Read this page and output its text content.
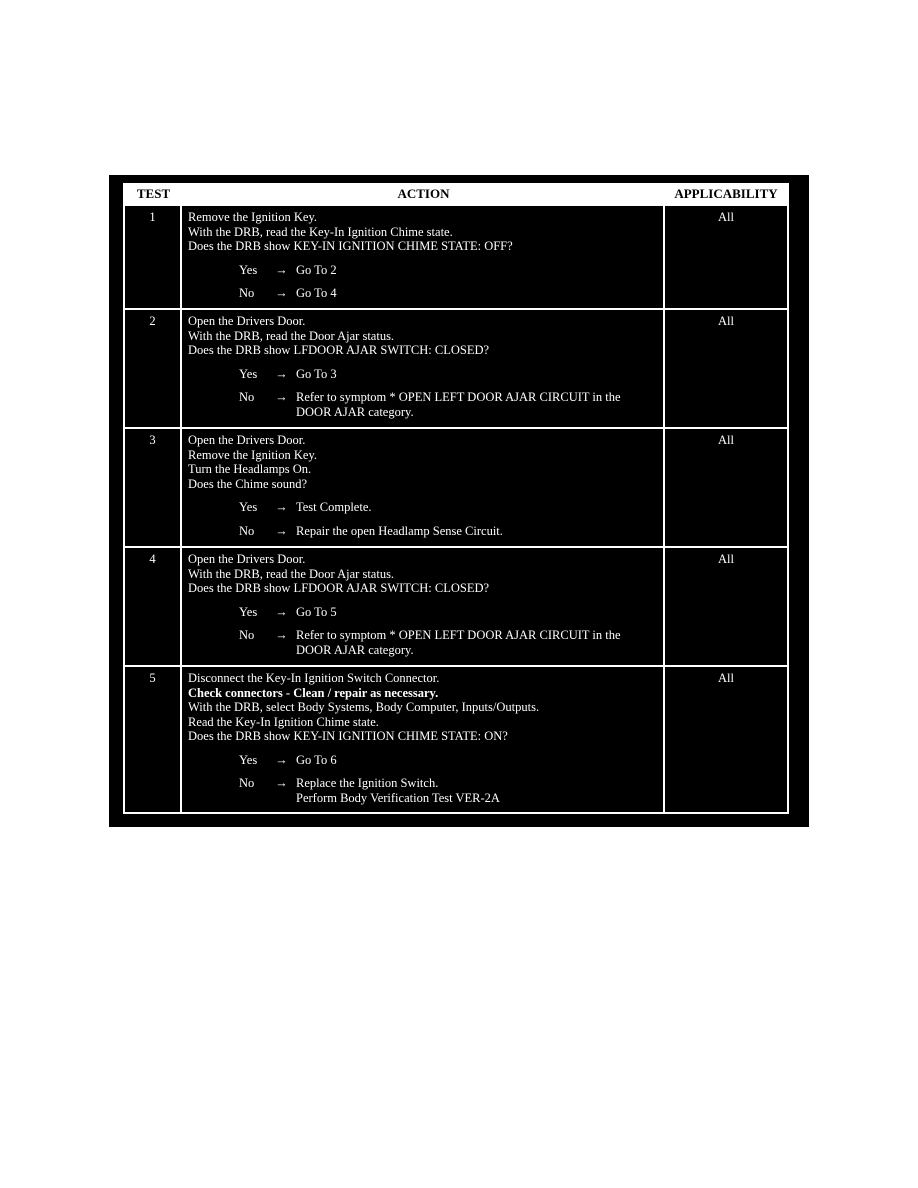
TEST	ACTION	APPLICABILITY
1	Remove the Ignition Key.
With the DRB, read the Key-In Ignition Chime state.
Does the DRB show KEY-IN IGNITION CHIME STATE: OFF?
Yes	→ Go To 2
No	→ Go To 4
All
2	Open the Drivers Door.
With the DRB, read the Door Ajar status.
Does the DRB show LFDOOR AJAR SWITCH: CLOSED?
Yes	→ Go To 3
No	→ Refer to symptom * OPEN LEFT DOOR AJAR CIRCUIT in the
DOOR AJAR category.
All
3	Open the Drivers Door.
Remove the Ignition Key.
Turn the Headlamps On.
Does the Chime sound?
Yes	→ Test Complete.
No	→ Repair the open Headlamp Sense Circuit.
All
4	Open the Drivers Door.
With the DRB, read the Door Ajar status.
Does the DRB show LFDOOR AJAR SWITCH: CLOSED?
Yes	→ Go To 5
No	→ Refer to symptom * OPEN LEFT DOOR AJAR CIRCUIT in the
DOOR AJAR category.
All
5	Disconnect the Key-In Ignition Switch Connector.
Check connectors - Clean / repair as necessary.
With the DRB, select Body Systems, Body Computer, Inputs/Outputs.
Read the Key-In Ignition Chime state.
Does the DRB show KEY-IN IGNITION CHIME STATE: ON?
Yes	→ Go To 6
No	→ Replace the Ignition Switch.
Perform Body Verification Test VER-2A
All
